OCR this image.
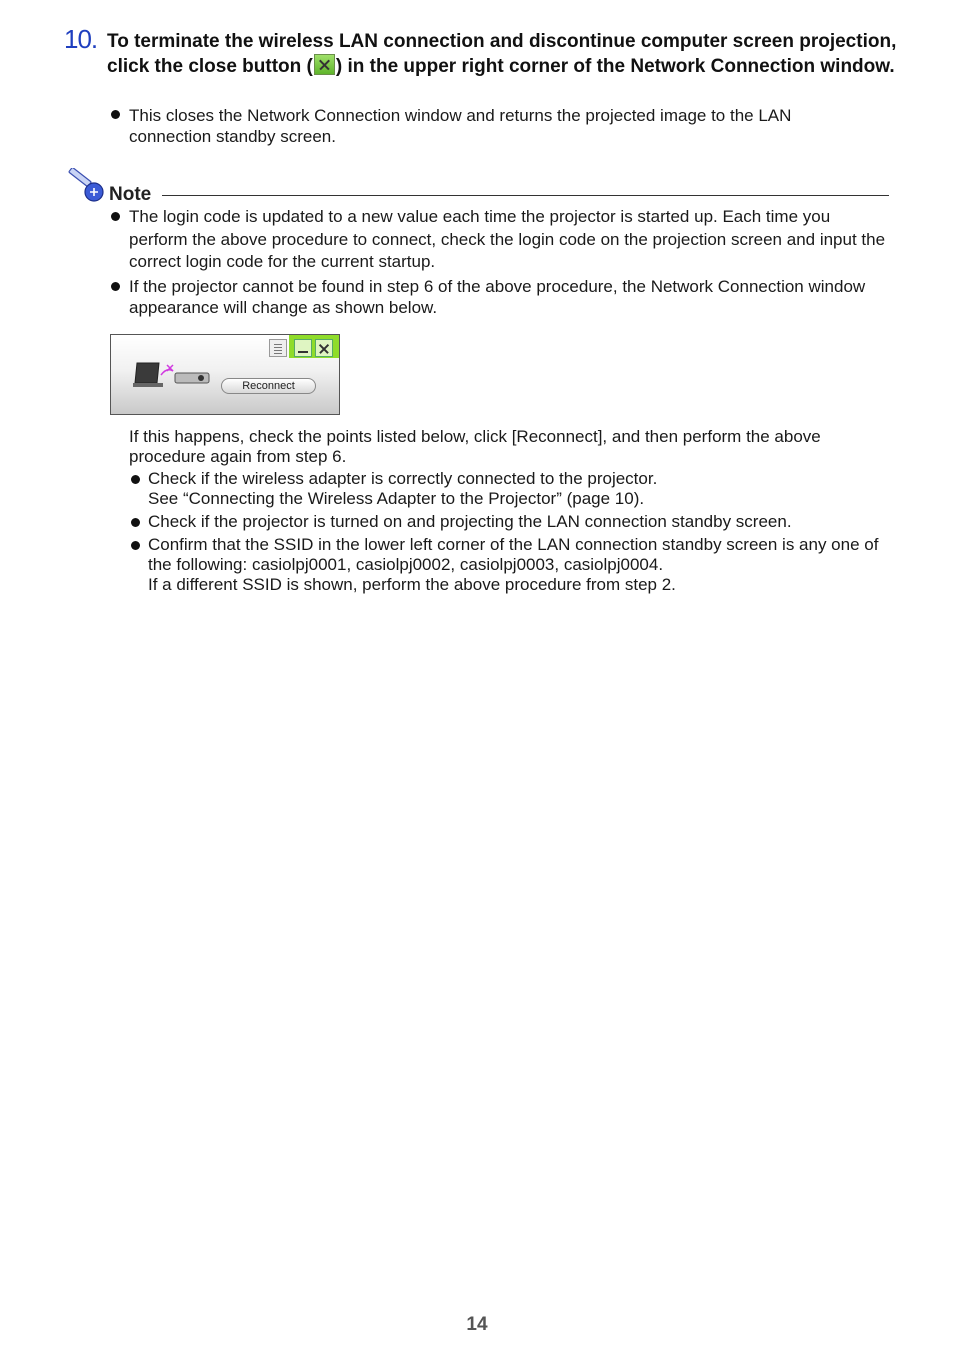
10. To terminate the wireless LAN connection and discontinue computer screen projection, click the close button ( ) in the upper right corner of the Network Connection window.
This closes the Network Connection window and returns the projected image to the LAN connection standby screen.
Note
The login code is updated to a new value each time the projector is started up. Each time you perform the above procedure to connect, check the login code on the projection screen and input the correct login code for the current startup.
If the projector cannot be found in step 6 of the above procedure, the Network Connection window appearance will change as shown below.
Reconnect
If this happens, check the points listed below, click [Reconnect], and then perform the above procedure again from step 6.
Check if the wireless adapter is correctly connected to the projector.
See “Connecting the Wireless Adapter to the Projector” (page 10).
Check if the projector is turned on and projecting the LAN connection standby screen.
Confirm that the SSID in the lower left corner of the LAN connection standby screen is any one of the following: casiolpj0001, casiolpj0002, casiolpj0003, casiolpj0004.
If a different SSID is shown, perform the above procedure from step 2.
14
